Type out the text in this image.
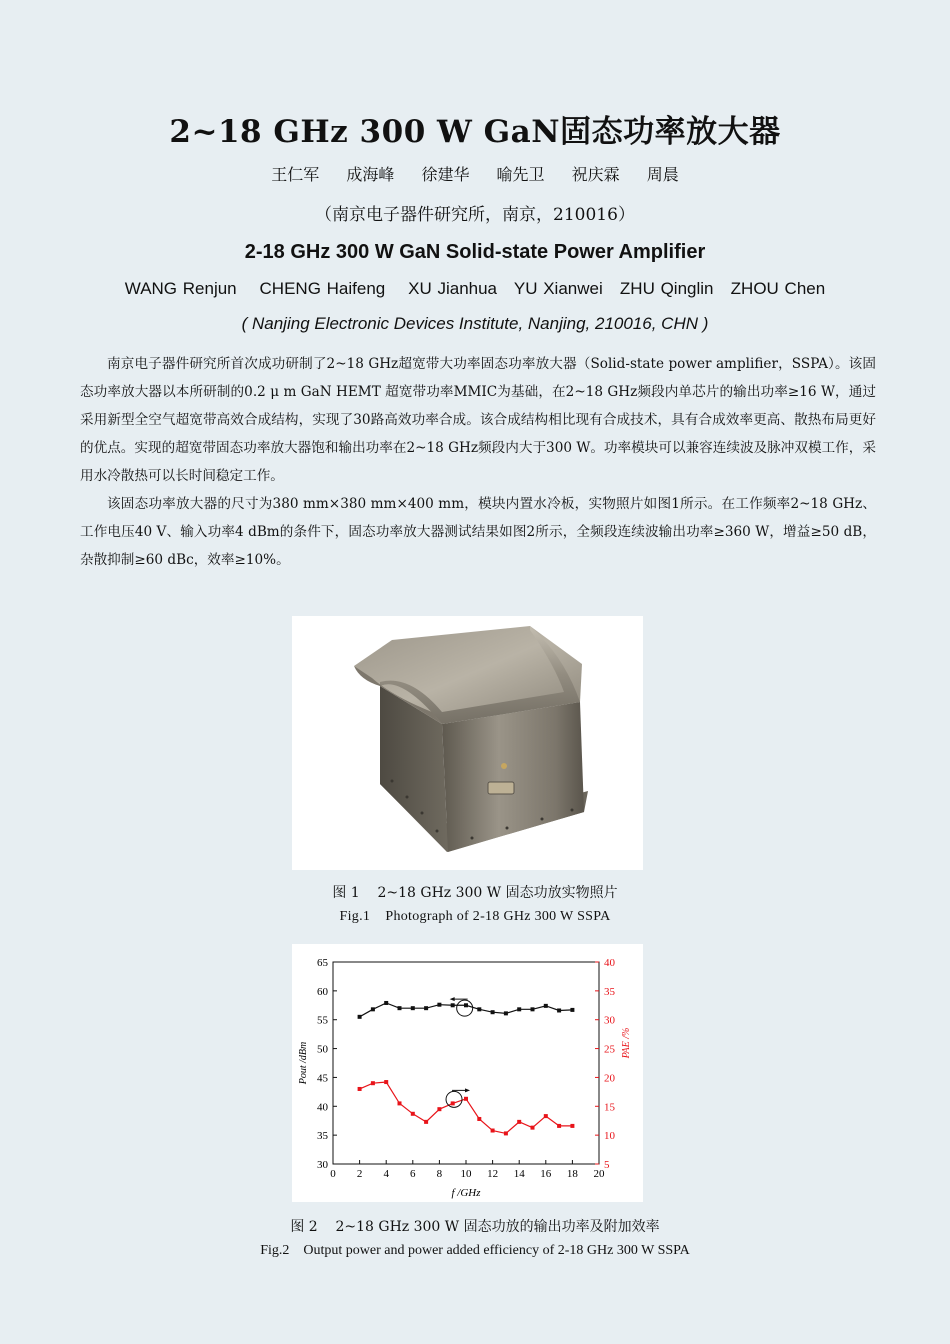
2~18 GHz 300 W GaN固态功率放大器
王仁军 成海峰 徐建华 喻先卫 祝庆霖 周晨
（南京电子器件研究所，南京，210016）
2-18 GHz 300 W GaN Solid-state Power Amplifier
WANG Renjun    CHENG Haifeng    XU Jianhua   YU Xianwei   ZHU Qinglin   ZHOU Chen
( Nanjing Electronic Devices Institute, Nanjing, 210016, CHN )

南京电子器件研究所首次成功研制了2~18 GHz超宽带大功率固态功率放大器（Solid-state power amplifier，SSPA）。该固态功率放大器以本所研制的0.2 μ m GaN HEMT 超宽带功率MMIC为基础，在2~18 GHz频段内单芯片的输出功率≥16 W，通过采用新型全空气超宽带高效合成结构，实现了30路高效功率合成。该合成结构相比现有合成技术，具有合成效率更高、散热布局更好的优点。实现的超宽带固态功率放大器饱和输出功率在2~18 GHz频段内大于300 W。功率模块可以兼容连续波及脉冲双模工作，采用水冷散热可以长时间稳定工作。

该固态功率放大器的尺寸为380 mm×380 mm×400 mm，模块内置水冷板，实物照片如图1所示。在工作频率2~18 GHz、工作电压40 V、输入功率4 dBm的条件下，固态功率放大器测试结果如图2所示，全频段连续波输出功率≥360 W，增益≥50 dB，杂散抑制≥60 dBc，效率≥10%。

图 1    2~18 GHz 300 W 固态功放实物照片
Fig.1    Photograph of 2-18 GHz 300 W SSPA
0 2 4 6 8 10 12 14 16 18 20
30
35
40
45
50
55
60
65
5
10
15
20
25
30
35
40
f /GHz
Pout /dBm	PAE /%
图 2    2~18 GHz 300 W 固态功放的输出功率及附加效率
Fig.2    Output power and power added efficiency of 2-18 GHz 300 W SSPA
